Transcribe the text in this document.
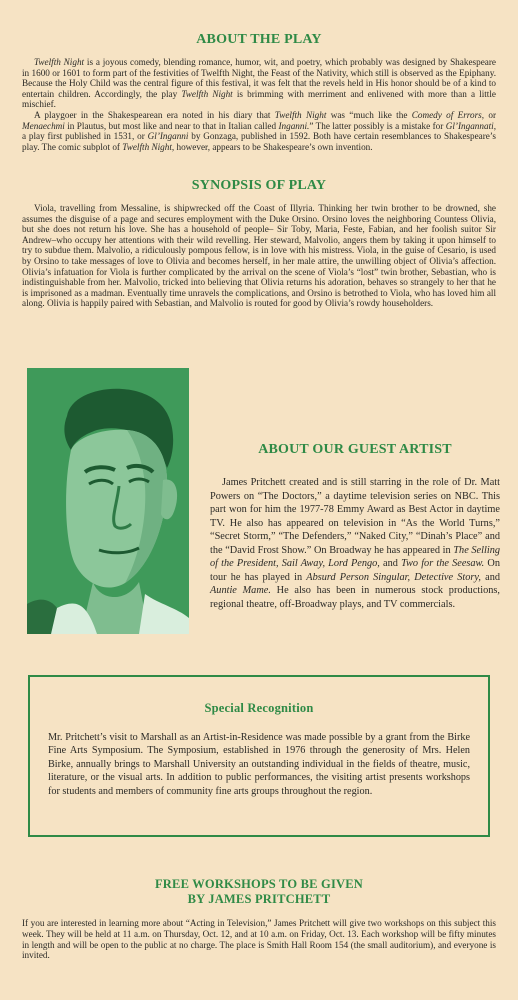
ABOUT THE PLAY

Twelfth Night is a joyous comedy, blending romance, humor, wit, and poetry, which probably was designed by Shakespeare in 1600 or 1601 to form part of the festivities of Twelfth Night, the Feast of the Nativity, which still is observed as the Epiphany. Because the Holy Child was the central figure of this festival, it was felt that the revels held in His honor should be of a kind to entertain children. Accordingly, the play Twelfth Night is brimming with merriment and enlivened with more than a little mischief.

A playgoer in the Shakespearean era noted in his diary that Twelfth Night was “much like the Comedy of Errors, or Menaechmi in Plautus, but most like and near to that in Italian called Inganni.” The latter possibly is a mistake for Gl’Ingannati, a play first published in 1531, or Gl’Inganni by Gonzaga, published in 1592. Both have certain resemblances to Shakespeare’s play. The comic subplot of Twelfth Night, however, appears to be Shakespeare’s own invention.

SYNOPSIS OF PLAY

Viola, travelling from Messaline, is shipwrecked off the Coast of Illyria. Thinking her twin brother to be drowned, she assumes the disguise of a page and secures employment with the Duke Orsino. Orsino loves the neighboring Countess Olivia, but she does not return his love. She has a household of people– Sir Toby, Maria, Feste, Fabian, and her foolish suitor Sir Andrew–who occupy her attentions with their wild revelling. Her steward, Malvolio, angers them by taking it upon himself to try to subdue them. Malvolio, a ridiculously pompous fellow, is in love with his mistress. Viola, in the guise of Cesario, is used by Orsino to take messages of love to Olivia and becomes herself, in her male attire, the unwilling object of Olivia’s affection. Olivia’s infatuation for Viola is further complicated by the arrival on the scene of Viola’s “lost” twin brother, Sebastian, who is indistinguishable from her. Malvolio, tricked into believing that Olivia returns his adoration, behaves so strangely to her that he is imprisoned as a madman. Eventually time unravels the complications, and Orsino is betrothed to Viola, who has loved him all along. Olivia is happily paired with Sebastian, and Malvolio is routed for good by Olivia’s rowdy householders.

ABOUT OUR GUEST ARTIST

James Pritchett created and is still starring in the role of Dr. Matt Powers on “The Doctors,” a daytime television series on NBC. This part won for him the 1977-78 Emmy Award as Best Actor in daytime TV. He also has appeared on television in “As the World Turns,” “Secret Storm,” “The Defenders,” “Naked City,” “Dinah’s Place” and the “David Frost Show.” On Broadway he has appeared in The Selling of the President, Sail Away, Lord Pengo, and Two for the Seesaw. On tour he has played in Absurd Person Singular, Detective Story, and Auntie Mame. He also has been in numerous stock productions, regional theatre, off-Broadway plays, and TV commercials.

Special Recognition

Mr. Pritchett’s visit to Marshall as an Artist-in-Residence was made possible by a grant from the Birke Fine Arts Symposium. The Symposium, established in 1976 through the generosity of Mrs. Helen Birke, annually brings to Marshall University an outstanding individual in the fields of theatre, music, literature, or the visual arts. In addition to public performances, the visiting artist presents workshops for students and members of community fine arts groups throughout the region.

FREE WORKSHOPS TO BE GIVEN
BY JAMES PRITCHETT

If you are interested in learning more about “Acting in Television,” James Pritchett will give two workshops on this subject this week. They will be held at 11 a.m. on Thursday, Oct. 12, and at 10 a.m. on Friday, Oct. 13. Each workshop will be fifty minutes in length and will be open to the public at no charge. The place is Smith Hall Room 154 (the small auditorium), and everyone is invited.
